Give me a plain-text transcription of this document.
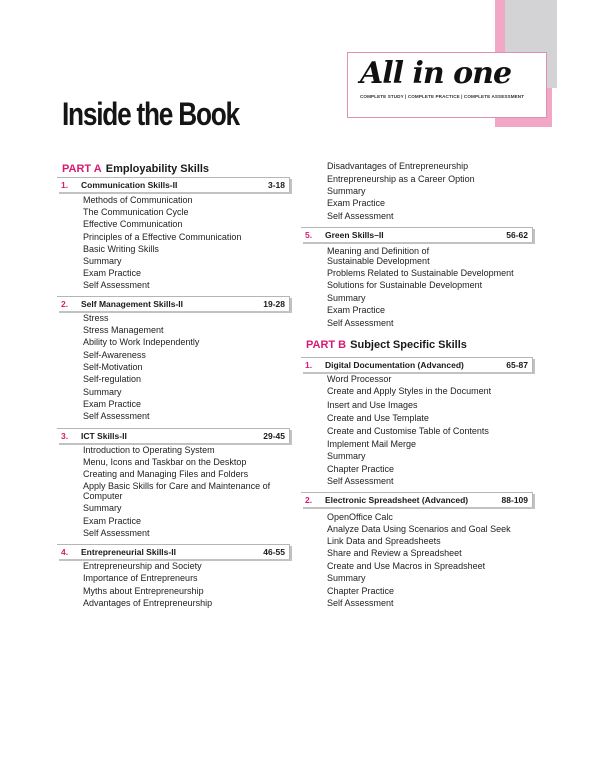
All in one
COMPLETE STUDY | COMPLETE PRACTICE | COMPLETE ASSESSMENT
Inside the Book
PART A Employability Skills
PART B Subject Specific Skills
1. Communication Skills-II	3-18
Methods of Communication
The Communication Cycle
Effective Communication
Principles of a Effective Communication
Basic Writing Skills
Summary
Exam Practice
Self Assessment
2. Self Management Skills-II	19-28
Stress
Stress Management
Ability to Work Independently
Self-Awareness
Self-Motivation
Self-regulation
Summary
Exam Practice
Self Assessment
3. ICT Skills-II	29-45
Introduction to Operating System
Menu, Icons and Taskbar on the Desktop
Creating and Managing Files and Folders
Apply Basic Skills for Care and Maintenance of
Computer
Summary
Exam Practice
Self Assessment
4. Entrepreneurial Skills-II	46-55
Entrepreneurship and Society
Importance of Entrepreneurs
Myths about Entrepreneurship
Advantages of Entrepreneurship
Disadvantages of Entrepreneurship
Entrepreneurship as a Career Option
Summary
Exam Practice
Self Assessment
5. Green Skills–II	56-62
Meaning and Definition of
Sustainable Development
Problems Related to Sustainable Development
Solutions for Sustainable Development
Summary
Exam Practice
Self Assessment
1. Digital Documentation (Advanced)	65-87
Word Processor
Create and Apply Styles in the Document
Insert and Use Images
Create and Use Template
Create and Customise Table of Contents
Implement Mail Merge
Summary
Chapter Practice
Self Assessment
2. Electronic Spreadsheet (Advanced)	88-109
OpenOffice Calc
Analyze Data Using Scenarios and Goal Seek
Link Data and Spreadsheets
Share and Review a Spreadsheet
Create and Use Macros in Spreadsheet
Summary
Chapter Practice
Self Assessment
